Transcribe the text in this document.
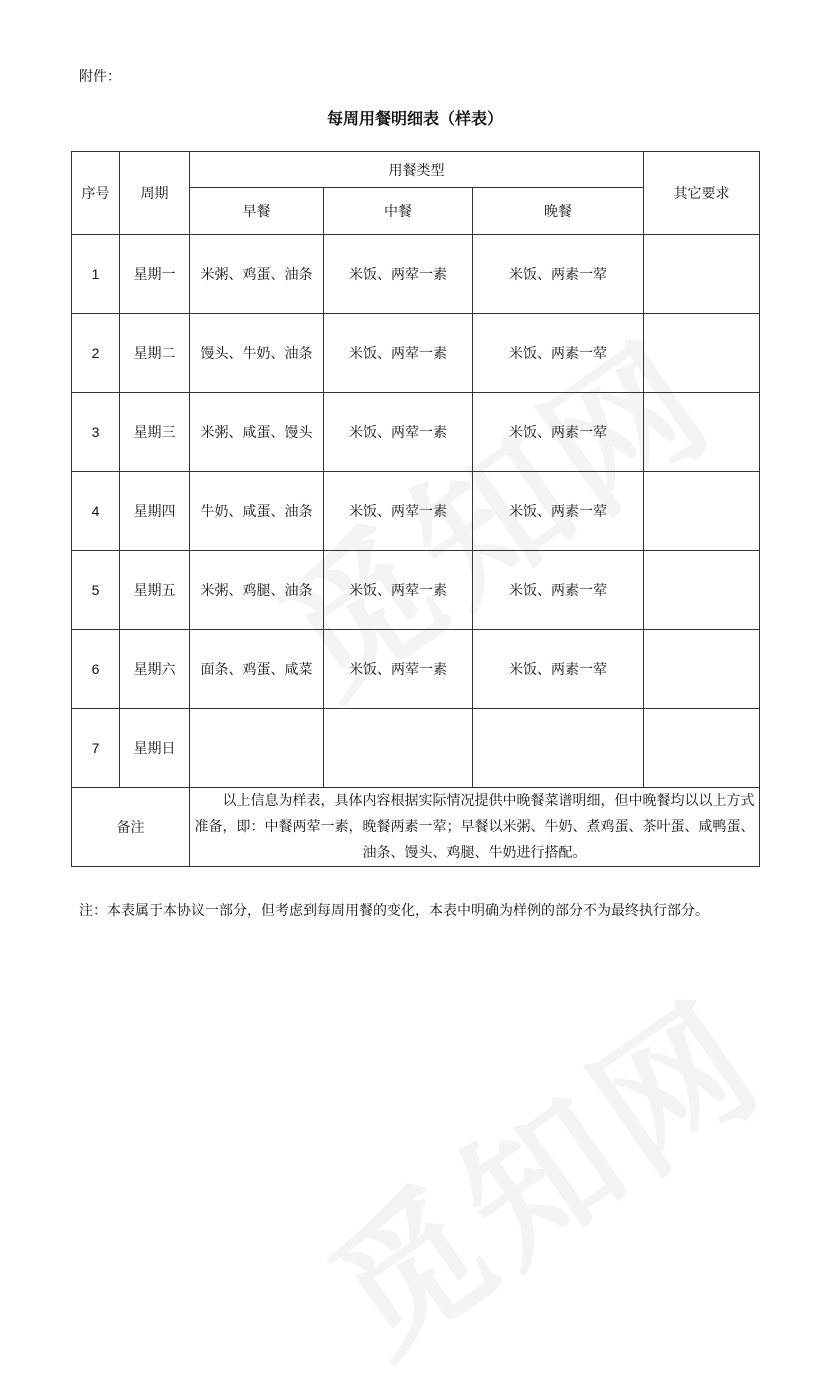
附件：
每周用餐明细表（样表）
序号	周期	用餐类型			其它要求
		早餐	中餐	晚餐	
1	星期一	米粥、鸡蛋、油条	米饭、两荤一素	米饭、两素一荤	
2	星期二	馒头、牛奶、油条	米饭、两荤一素	米饭、两素一荤	
3	星期三	米粥、咸蛋、馒头	米饭、两荤一素	米饭、两素一荤	
4	星期四	牛奶、咸蛋、油条	米饭、两荤一素	米饭、两素一荤	
5	星期五	米粥、鸡腿、油条	米饭、两荤一素	米饭、两素一荤	
6	星期六	面条、鸡蛋、咸菜	米饭、两荤一素	米饭、两素一荤	
7	星期日				
备注		以上信息为样表，具体内容根据实际情况提供中晚餐菜谱明细，但中晚餐均以以上方式准备，即：中餐两荤一素，晚餐两素一荤；早餐以米粥、牛奶、煮鸡蛋、茶叶蛋、咸鸭蛋、油条、馒头、鸡腿、牛奶进行搭配。			
注：本表属于本协议一部分，但考虑到每周用餐的变化，本表中明确为样例的部分不为最终执行部分。
